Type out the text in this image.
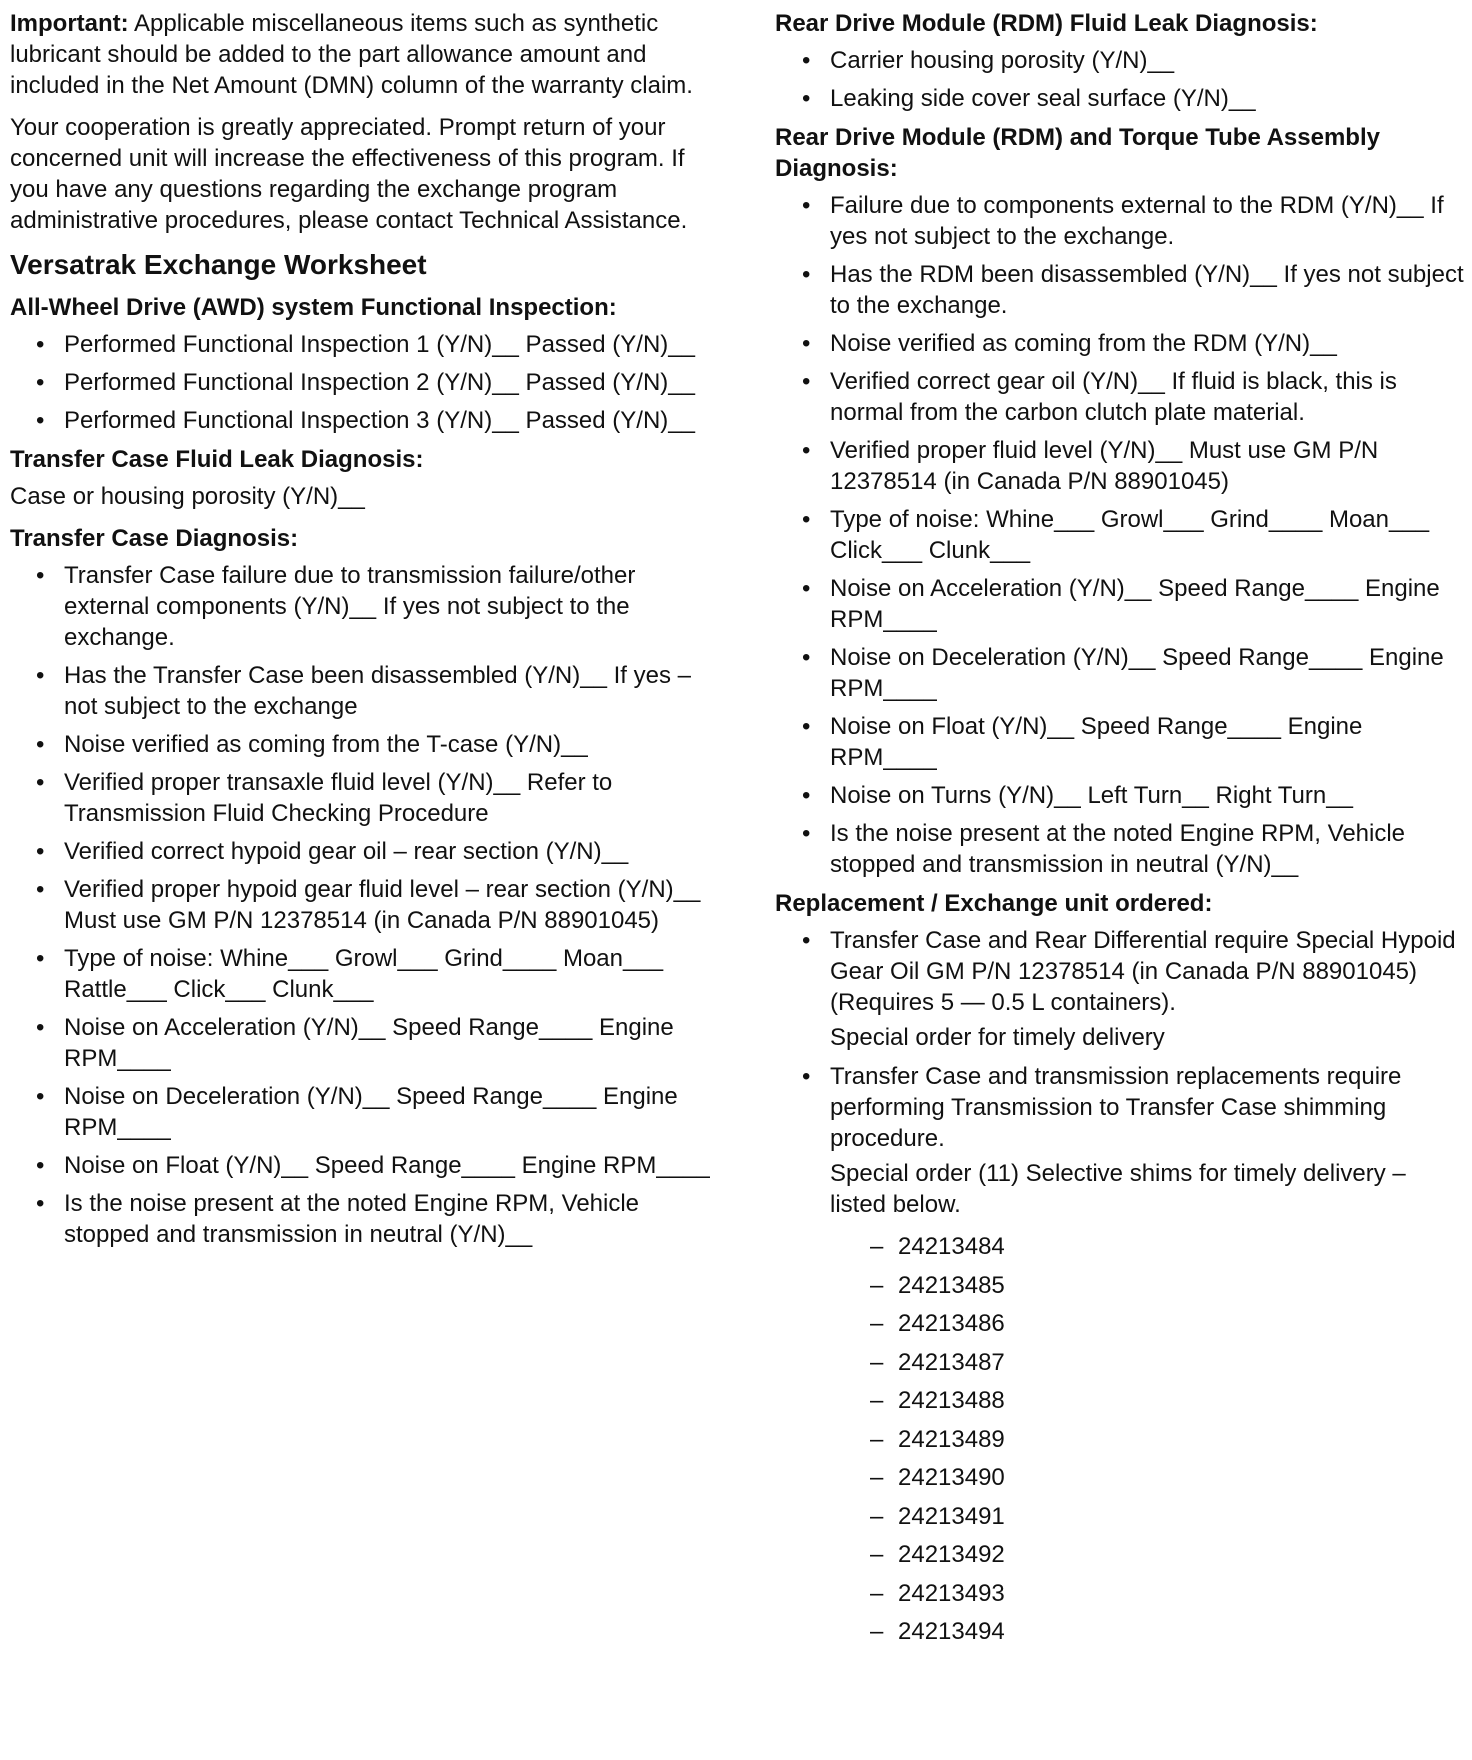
Important: Applicable miscellaneous items such as synthetic lubricant should be added to the part allowance amount and included in the Net Amount (DMN) column of the warranty claim.

Your cooperation is greatly appreciated. Prompt return of your concerned unit will increase the effectiveness of this program. If you have any questions regarding the exchange program administrative procedures, please contact Technical Assistance.

Versatrak Exchange Worksheet
All-Wheel Drive (AWD) system Functional Inspection:
• Performed Functional Inspection 1 (Y/N)__ Passed (Y/N)__
• Performed Functional Inspection 2 (Y/N)__ Passed (Y/N)__
• Performed Functional Inspection 3 (Y/N)__ Passed (Y/N)__
Transfer Case Fluid Leak Diagnosis:

Case or housing porosity (Y/N)__

Transfer Case Diagnosis:
• Transfer Case failure due to transmission failure/other external components (Y/N)__ If yes not subject to the exchange.
• Has the Transfer Case been disassembled (Y/N)__ If yes – not subject to the exchange
• Noise verified as coming from the T-case (Y/N)__
• Verified proper transaxle fluid level (Y/N)__ Refer to Transmission Fluid Checking Procedure
• Verified correct hypoid gear oil – rear section (Y/N)__
• Verified proper hypoid gear fluid level – rear section (Y/N)__ Must use GM P/N 12378514 (in Canada P/N 88901045)
• Type of noise: Whine___ Growl___ Grind____ Moan___ Rattle___ Click___ Clunk___
• Noise on Acceleration (Y/N)__ Speed Range____ Engine RPM____
• Noise on Deceleration (Y/N)__ Speed Range____ Engine RPM____
• Noise on Float (Y/N)__ Speed Range____ Engine RPM____
• Is the noise present at the noted Engine RPM, Vehicle stopped and transmission in neutral (Y/N)__
Rear Drive Module (RDM) Fluid Leak Diagnosis:
• Carrier housing porosity (Y/N)__
• Leaking side cover seal surface (Y/N)__
Rear Drive Module (RDM) and Torque Tube Assembly Diagnosis:
• Failure due to components external to the RDM (Y/N)__ If yes not subject to the exchange.
• Has the RDM been disassembled (Y/N)__ If yes not subject to the exchange.
• Noise verified as coming from the RDM (Y/N)__
• Verified correct gear oil (Y/N)__ If fluid is black, this is normal from the carbon clutch plate material.
• Verified proper fluid level (Y/N)__ Must use GM P/N 12378514 (in Canada P/N 88901045)
• Type of noise: Whine___ Growl___ Grind____ Moan___ Click___ Clunk___
• Noise on Acceleration (Y/N)__ Speed Range____ Engine RPM____
• Noise on Deceleration (Y/N)__ Speed Range____ Engine RPM____
• Noise on Float (Y/N)__ Speed Range____ Engine RPM____
• Noise on Turns (Y/N)__ Left Turn__ Right Turn__
• Is the noise present at the noted Engine RPM, Vehicle stopped and transmission in neutral (Y/N)__
Replacement / Exchange unit ordered:
• Transfer Case and Rear Differential require Special Hypoid Gear Oil GM P/N 12378514 (in Canada P/N 88901045) (Requires 5 — 0.5 L containers).
Special order for timely delivery
• Transfer Case and transmission replacements require performing Transmission to Transfer Case shimming procedure.
Special order (11) Selective shims for timely delivery – listed below.
– 24213484
– 24213485
– 24213486
– 24213487
– 24213488
– 24213489
– 24213490
– 24213491
– 24213492
– 24213493
– 24213494
